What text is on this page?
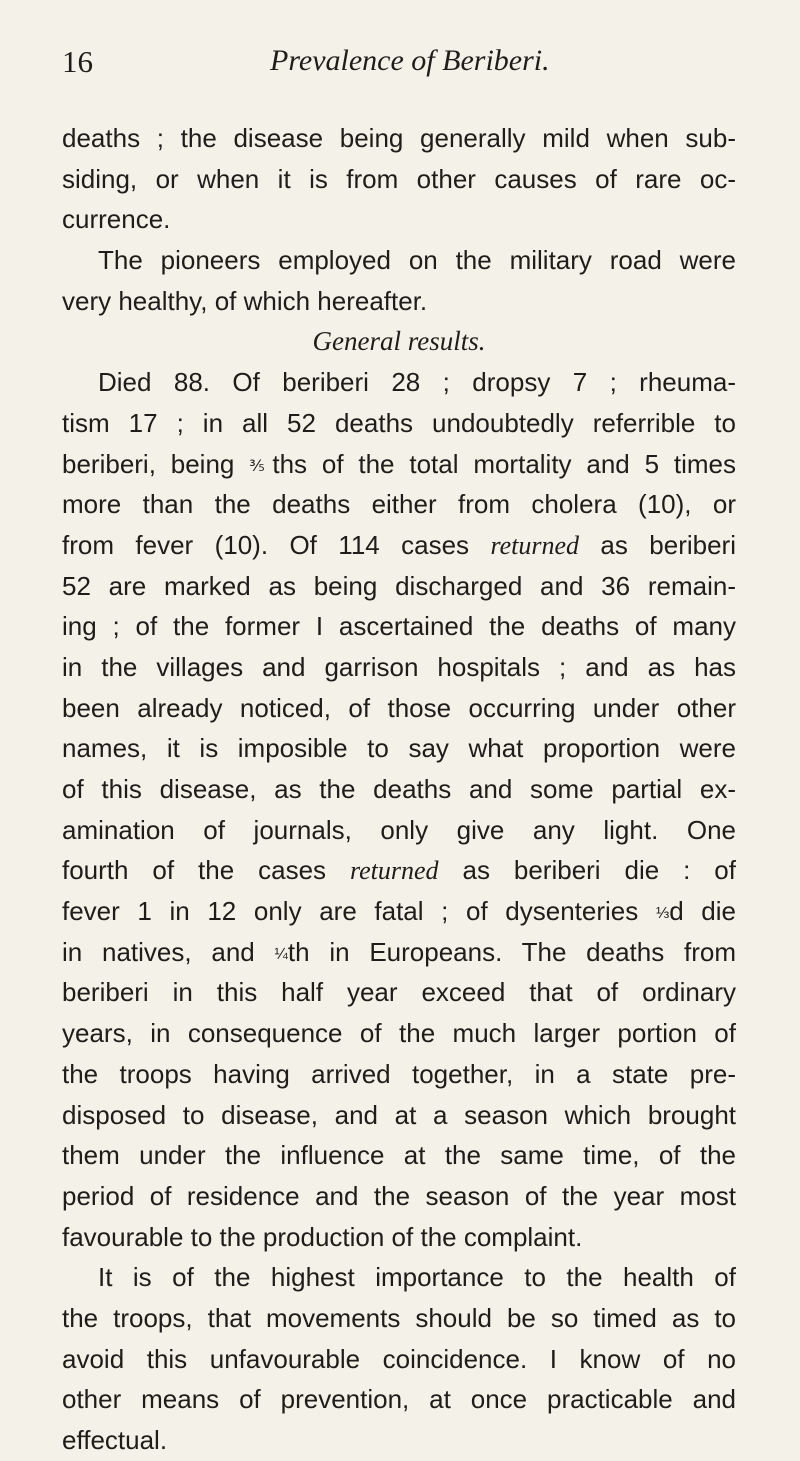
16	Prevalence of Beriberi.
deaths ; the disease being generally mild when sub-
siding, or when it is from other causes of rare oc-
currence.
The pioneers employed on the military road were
very healthy, of which hereafter.
General results.
Died 88. Of beriberi 28 ; dropsy 7 ; rheuma-
tism 17 ; in all 52 deaths undoubtedly referrible to
beriberi, being ⅗ths of the total mortality and 5 times
more than the deaths either from cholera (10), or
from fever (10). Of 114 cases returned as beriberi
52 are marked as being discharged and 36 remain-
ing ; of the former I ascertained the deaths of many
in the villages and garrison hospitals ; and as has
been already noticed, of those occurring under other
names, it is imposible to say what proportion were
of this disease, as the deaths and some partial ex-
amination of journals, only give any light. One
fourth of the cases returned as beriberi die : of
fever 1 in 12 only are fatal ; of dysenteries ⅓d die
in natives, and ¼th in Europeans. The deaths from
beriberi in this half year exceed that of ordinary
years, in consequence of the much larger portion of
the troops having arrived together, in a state pre-
disposed to disease, and at a season which brought
them under the influence at the same time, of the
period of residence and the season of the year most
favourable to the production of the complaint.
It is of the highest importance to the health of
the troops, that movements should be so timed as to
avoid this unfavourable coincidence. I know of no
other means of prevention, at once practicable and
effectual.
